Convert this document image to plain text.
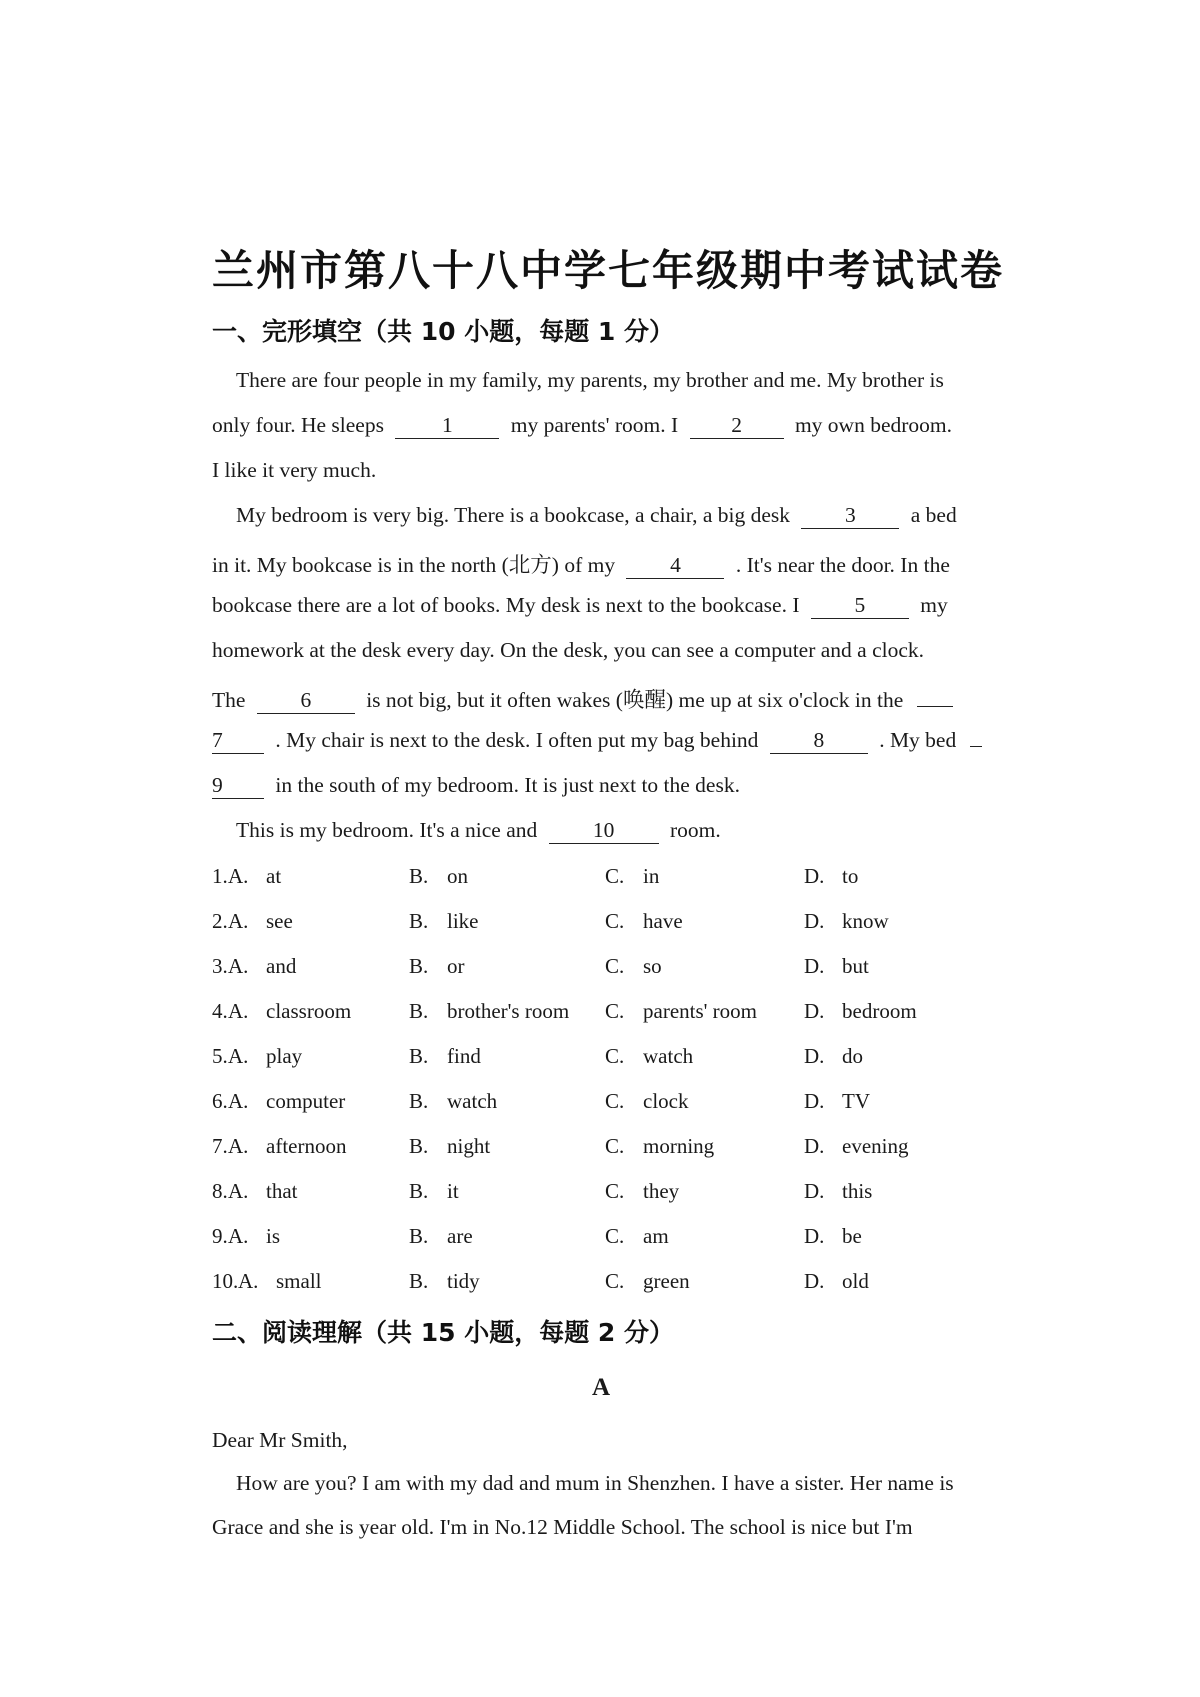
兰州市第八十八中学七年级期中考试试卷
一、完形填空（共 10 小题，每题 1 分）
There are four people in my family, my parents, my brother and me. My brother is
only four. He sleeps	1	my parents' room. I 2 my own bedroom.
I like it very much.
My bedroom is very big. There is a bookcase, a chair, a big desk	3	a bed
in it. My bookcase is in the north (北方) of my	4	. It's near the door. In the
bookcase there are a lot of books. My desk is next to the bookcase. I	5	my
homework at the desk every day. On the desk, you can see a computer and a clock.
The	6	is not big, but it often wakes (唤醒) me up at six o'clock in the
7 . My chair is next to the desk. I often put my bag behind	8	. My bed
9 in the south of my bedroom. It is just next to the desk.
This is my bedroom. It's a nice and	10	room.
1. A. at	B. on	C. in	D. to
2. A. see	B. like	C. have	D. know
3. A. and	B. or	C. so	D. but
4. A. classroom	B. brother's room C. parents' room D. bedroom
5. A. play	B. find	C. watch	D. do
6. A. computer	B. watch	C. clock	D. TV
7. A. afternoon	B. night	C. morning	D. evening
8. A. that	B. it	C. they	D. this
9. A. is	B. are	C. am	D. be
10. A. small	B. tidy	C. green	D. old
二、阅读理解（共 15 小题，每题 2 分）
A
Dear Mr Smith,
How are you? I am with my dad and mum in Shenzhen. I have a sister. Her name is
Grace and she is year old. I'm in No.12 Middle School. The school is nice but I'm
